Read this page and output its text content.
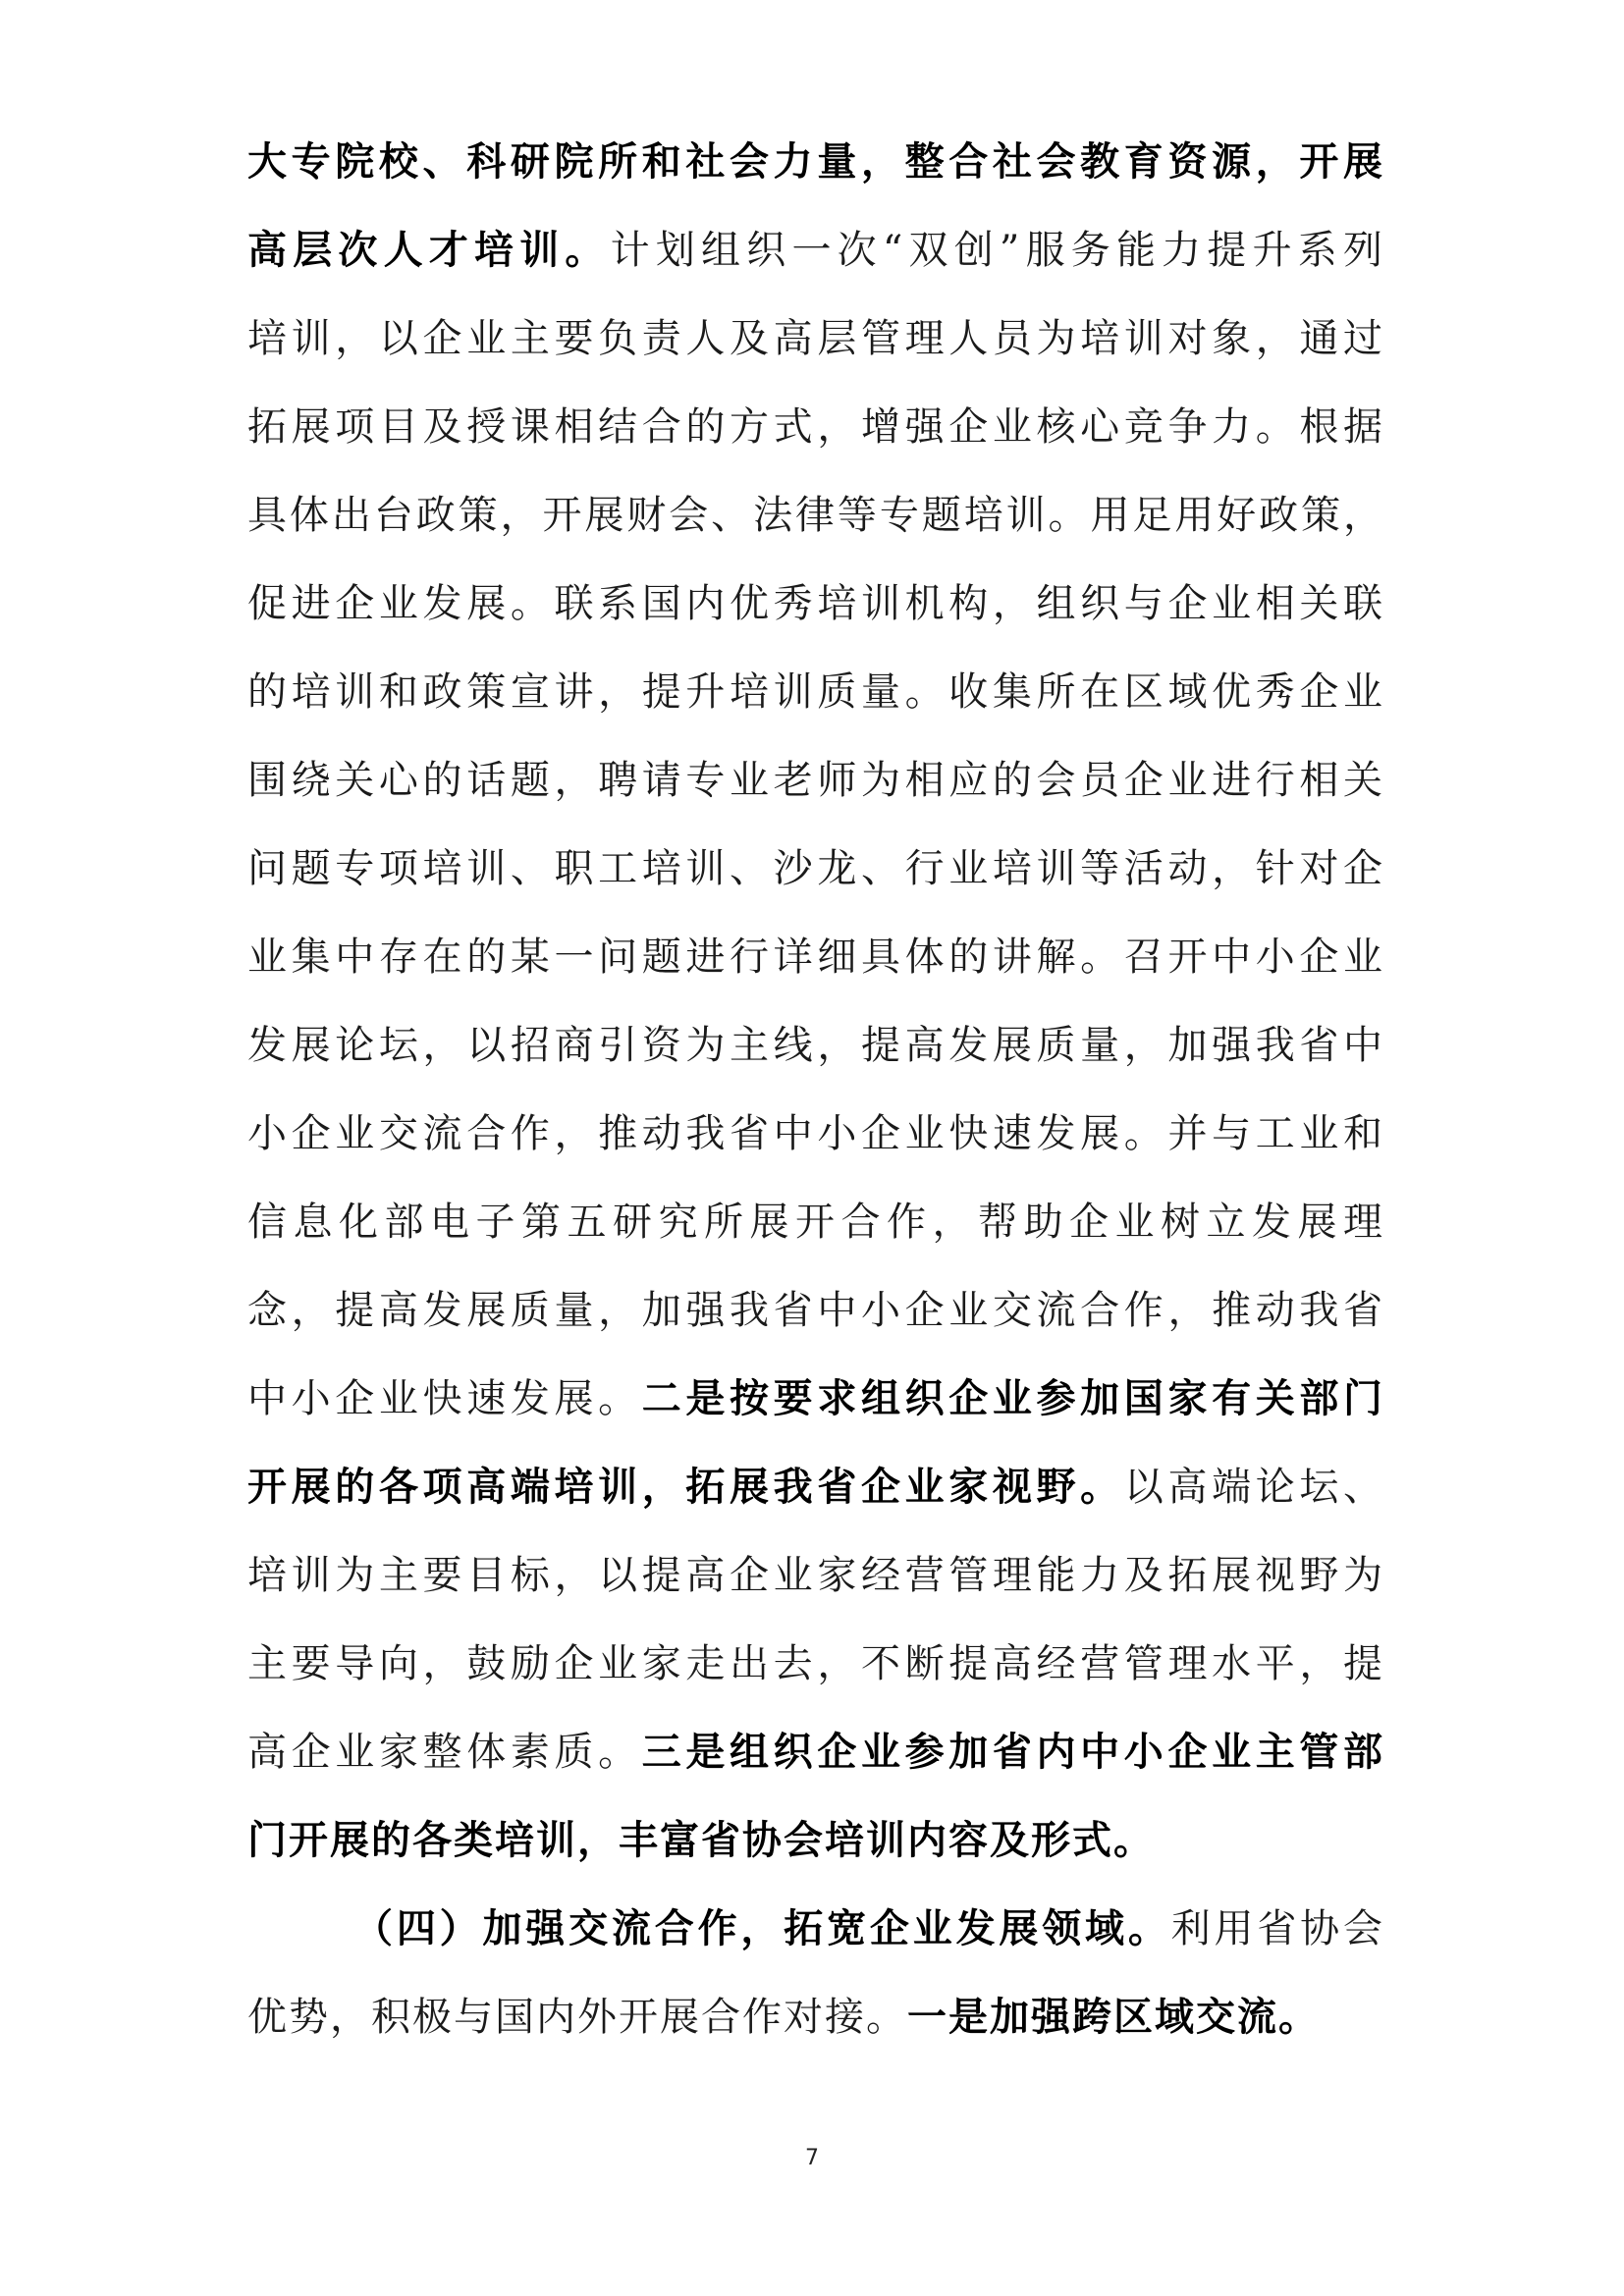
大专院校、科研院所和社会力量，整合社会教育资源，开展
高层次人才培训。计划组织一次“双创”服务能力提升系列
培训，以企业主要负责人及高层管理人员为培训对象，通过
拓展项目及授课相结合的方式，增强企业核心竞争力。根据
具体出台政策，开展财会、法律等专题培训。用足用好政策，
促进企业发展。联系国内优秀培训机构，组织与企业相关联
的培训和政策宣讲，提升培训质量。收集所在区域优秀企业
围绕关心的话题，聘请专业老师为相应的会员企业进行相关
问题专项培训、职工培训、沙龙、行业培训等活动，针对企
业集中存在的某一问题进行详细具体的讲解。召开中小企业
发展论坛，以招商引资为主线，提高发展质量，加强我省中
小企业交流合作，推动我省中小企业快速发展。并与工业和
信息化部电子第五研究所展开合作，帮助企业树立发展理
念，提高发展质量，加强我省中小企业交流合作，推动我省
中小企业快速发展。二是按要求组织企业参加国家有关部门
开展的各项高端培训，拓展我省企业家视野。以高端论坛、
培训为主要目标，以提高企业家经营管理能力及拓展视野为
主要导向，鼓励企业家走出去，不断提高经营管理水平，提
高企业家整体素质。三是组织企业参加省内中小企业主管部
门开展的各类培训，丰富省协会培训内容及形式。
（四）加强交流合作，拓宽企业发展领域。利用省协会
优势，积极与国内外开展合作对接。一是加强跨区域交流。
7
